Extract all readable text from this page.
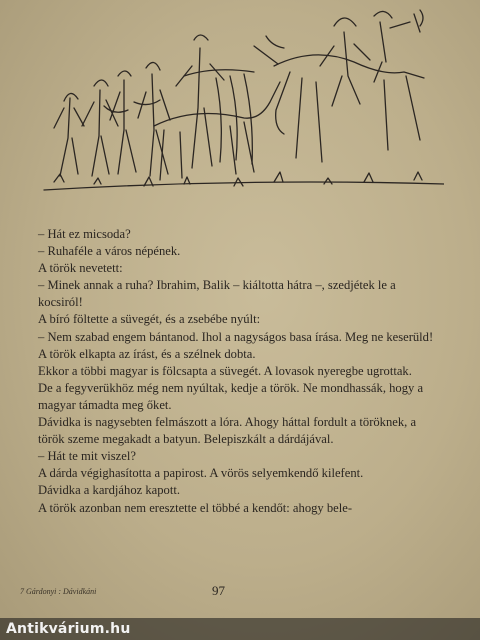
– Hát ez micsoda?

– Ruhaféle a város népének.

A török nevetett:

– Minek annak a ruha? Ibrahim, Balik – kiáltotta hátra –, szedjétek le a kocsiról!

A bíró föltette a süvegét, és a zsebébe nyúlt:

– Nem szabad engem bántanod. Ihol a nagyságos basa írása. Meg ne keserüld!

A török elkapta az írást, és a szélnek dobta.

Ekkor a többi magyar is fölcsapta a süvegét. A lovasok nyeregbe ugrottak.

De a fegyverükhöz még nem nyúltak, kedje a török. Ne mondhassák, hogy a magyar támadta meg őket.

Dávidka is nagysebten felmászott a lóra. Ahogy háttal fordult a töröknek, a török szeme megakadt a batyun. Belepiszkált a dárdájával.

– Hát te mit viszel?

A dárda végighasította a papirost. A vörös selyemkendő kilefent.

Dávidka a kardjához kapott.

A török azonban nem eresztette el többé a kendőt: ahogy bele-

7 Gárdonyi : Dávidkáni	97
Antikvárium.hu
